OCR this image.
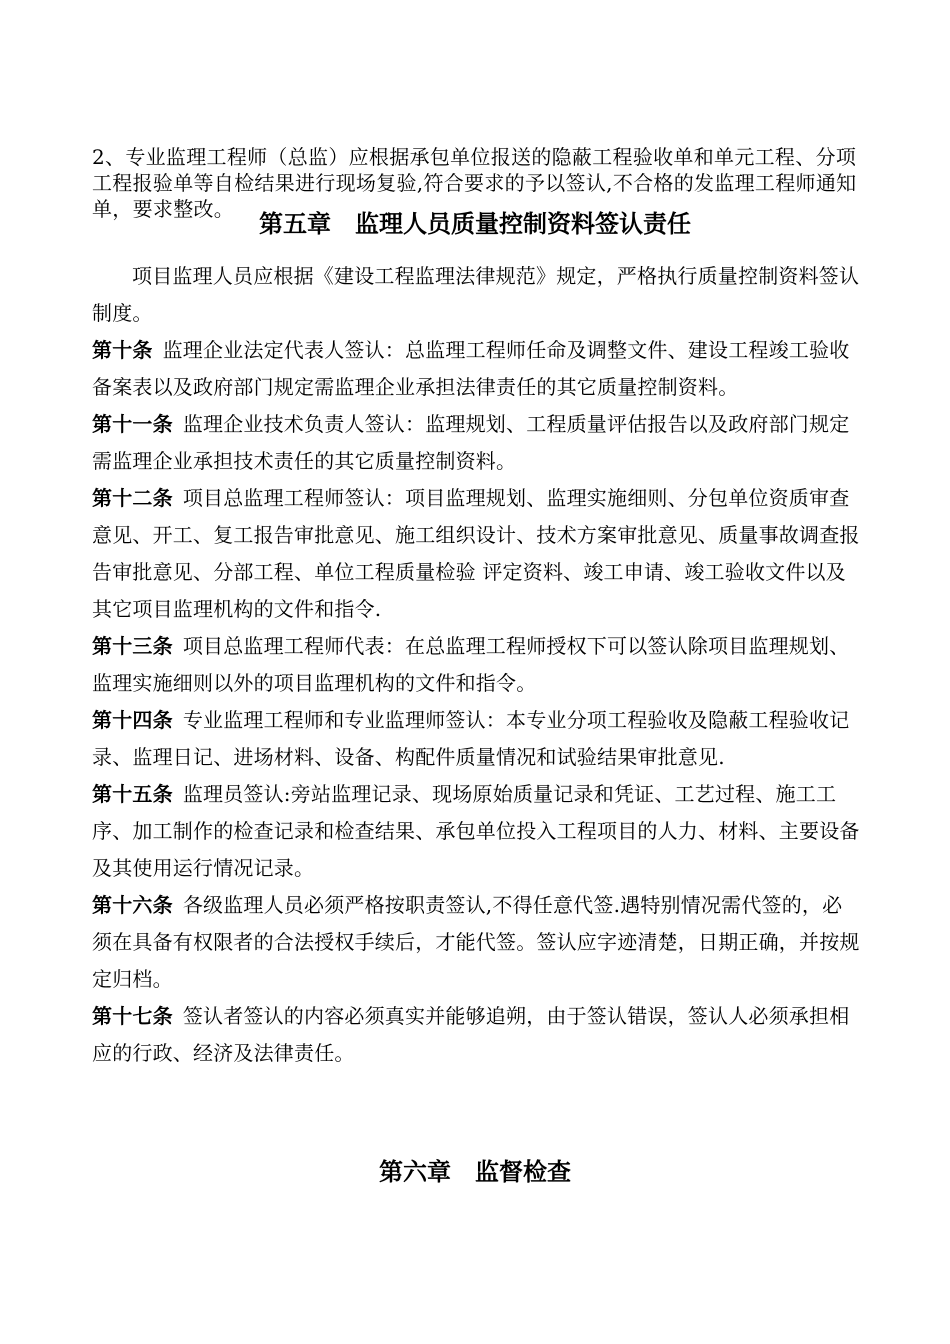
2、专业监理工程师（总监）应根据承包单位报送的隐蔽工程验收单和单元工程、分项工程报验单等自检结果进行现场复验,符合要求的予以签认,不合格的发监理工程师通知单，要求整改。	第五章　监理人员质量控制资料签认责任

项目监理人员应根据《建设工程监理法律规范》规定，严格执行质量控制资料签认制度。

第十条 监理企业法定代表人签认：总监理工程师任命及调整文件、建设工程竣工验收备案表以及政府部门规定需监理企业承担法律责任的其它质量控制资料。

第十一条 监理企业技术负责人签认：监理规划、工程质量评估报告以及政府部门规定需监理企业承担技术责任的其它质量控制资料。

第十二条 项目总监理工程师签认：项目监理规划、监理实施细则、分包单位资质审查意见、开工、复工报告审批意见、施工组织设计、技术方案审批意见、质量事故调查报告审批意见、分部工程、单位工程质量检验 评定资料、竣工申请、竣工验收文件以及其它项目监理机构的文件和指令.

第十三条 项目总监理工程师代表：在总监理工程师授权下可以签认除项目监理规划、监理实施细则以外的项目监理机构的文件和指令。

第十四条 专业监理工程师和专业监理师签认：本专业分项工程验收及隐蔽工程验收记录、监理日记、进场材料、设备、构配件质量情况和试验结果审批意见.

第十五条 监理员签认:旁站监理记录、现场原始质量记录和凭证、工艺过程、施工工序、加工制作的检查记录和检查结果、承包单位投入工程项目的人力、材料、主要设备及其使用运行情况记录。

第十六条 各级监理人员必须严格按职责签认,不得任意代签.遇特别情况需代签的，必须在具备有权限者的合法授权手续后，才能代签。签认应字迹清楚，日期正确，并按规定归档。

第十七条 签认者签认的内容必须真实并能够追朔，由于签认错误，签认人必须承担相应的行政、经济及法律责任。

第六章　监督检查
